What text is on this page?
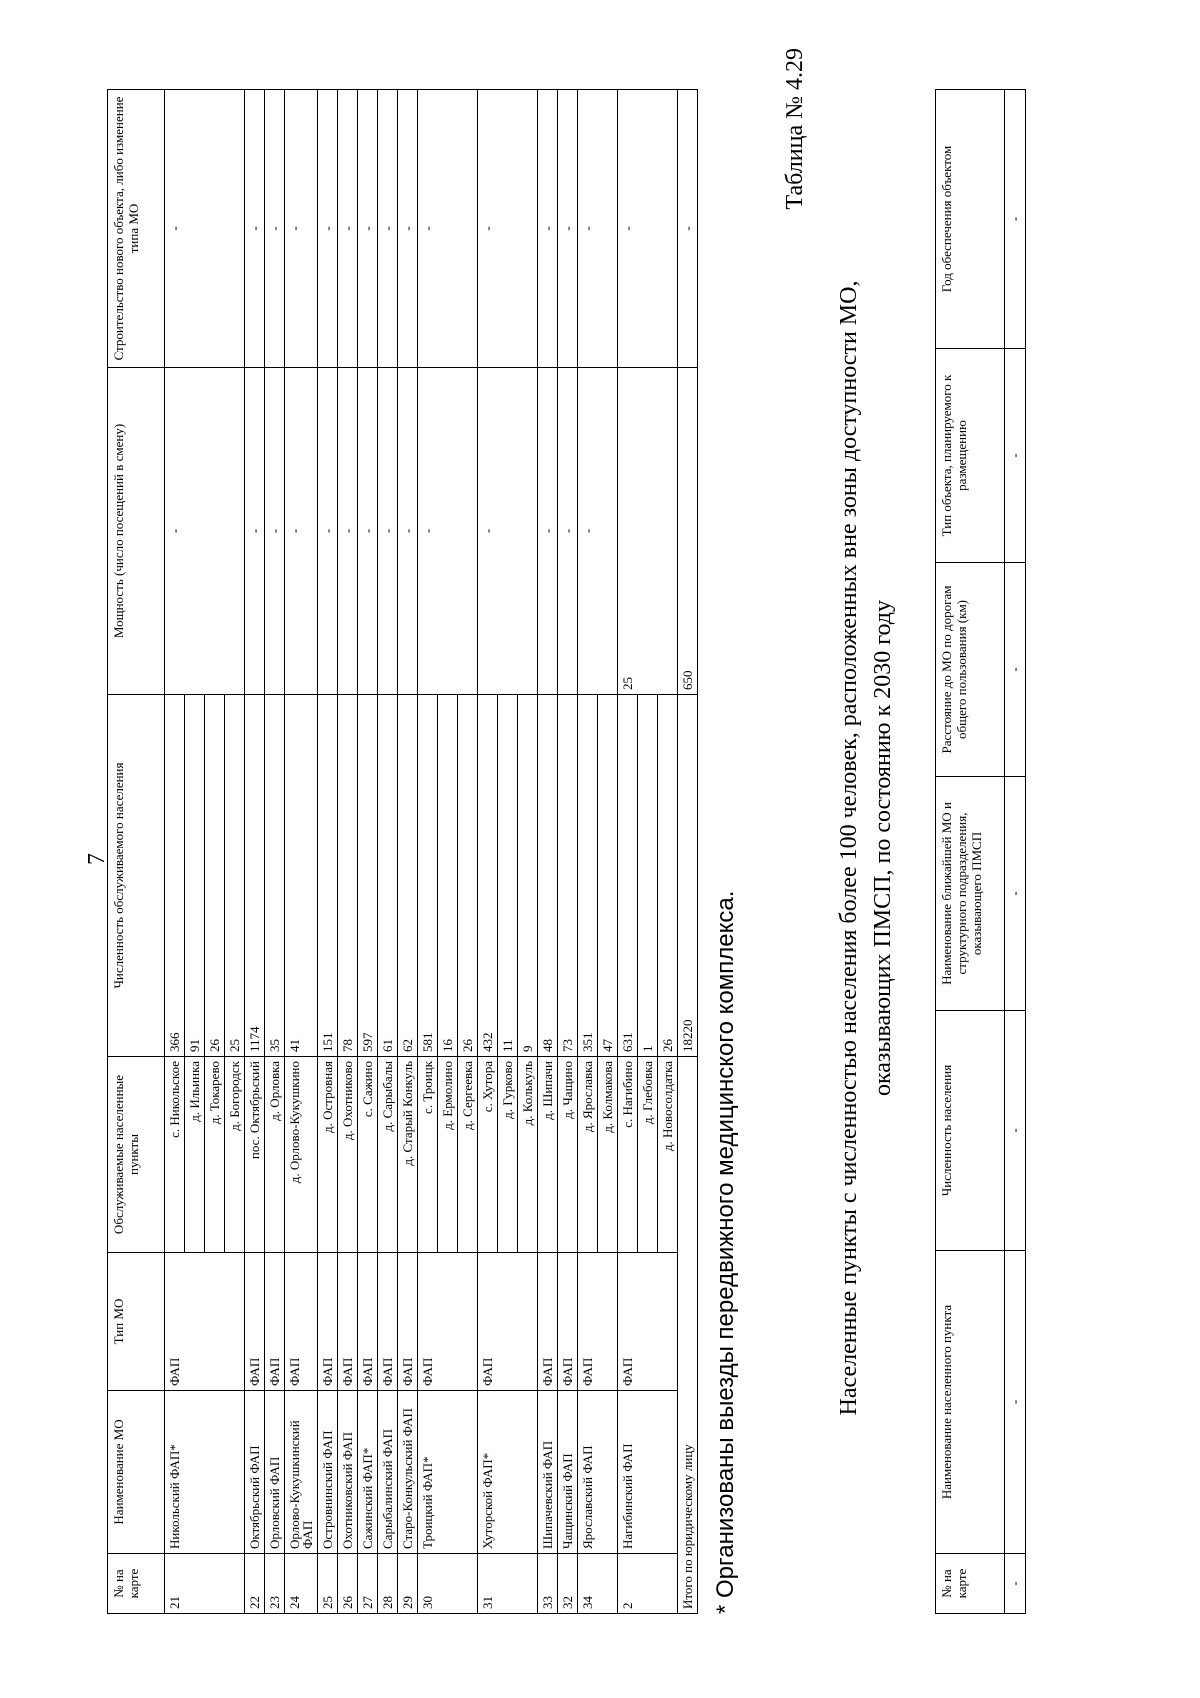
7
№ на карте	Наименование МО	Тип МО	Обслуживаемые населенные пункты	Численность обслуживаемого населения	Мощность (число посещений в смену)	Строительство нового объекта, либо изменение типа МО
21	Никольский ФАП*	ФАП	с. Никольское	366	-	-
			д. Ильинка	91		
			д. Токарево	26		
			д. Богородск	25		
22	Октябрьский ФАП	ФАП	пос. Октябрьский	1174	-	-
23	Орловский ФАП	ФАП	д. Орловка	35	-	-
24	Орлово-Кукушкинский ФАП	ФАП	д. Орлово-Кукушкино	41	-	-
25	Островнинский ФАП	ФАП	д. Островная	151	-	-
26	Охотниковский ФАП	ФАП	д. Охотниково	78	-	-
27	Сажинский ФАП*	ФАП	с. Сажино	597	-	-
28	Сарыбалинский ФАП	ФАП	д. Сарыбалы	61	-	-
29	Старо-Конкульский ФАП	ФАП	д. Старый Конкуль	62	-	-
30	Троицкий ФАП*	ФАП	с. Троицк	581	-	-
			д. Ермолино	16		
			д. Сергеевка	26		
31	Хуторской ФАП*	ФАП	с. Хутора	432	-	-
			д. Гурково	11		
			д. Колькуль	9		
33	Шипачевский ФАП	ФАП	д. Шипачи	48	-	-
32	Чащинский ФАП	ФАП	д. Чащино	73	-	-
34	Ярославский ФАП	ФАП	д. Ярославка	351	-	-
			д. Колмакова	47		
2	Нагибинский ФАП	ФАП	с. Нагибино	631	25	-
			д. Глебовка	1		
			д. Новосолдатка	26		
Итого по юридическому лицу				18220	650	-
* Организованы выезды передвижного медицинского комплекса.
Таблица № 4.29
Населенные пункты с численностью населения более 100 человек, расположенных вне зоны доступности МО, оказывающих ПМСП, по состоянию к 2030 году
№ на карте	Наименование населенного пункта	Численность населения	Наименование ближайшей МО и структурного подразделения, оказывающего ПМСП	Расстояние до МО по дорогам общего пользования (км)	Тип объекта, планируемого к размещению	Год обеспечения объектом
-	-	-	-	-	-	-
